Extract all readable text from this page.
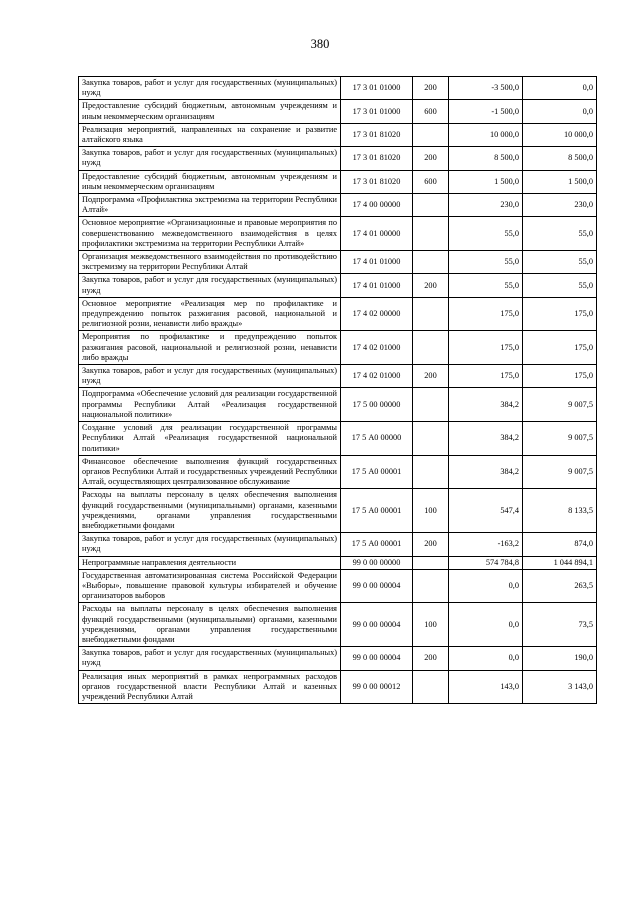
380
Закупка товаров, работ и услуг для государственных (муниципальных) нужд	17 3 01 01000	200	-3 500,0	0,0
Предоставление субсидий бюджетным, автономным учреждениям и иным некоммерческим организациям	17 3 01 01000	600	-1 500,0	0,0
Реализация мероприятий, направленных на сохранение и развитие алтайского языка	17 3 01 81020		10 000,0	10 000,0
Закупка товаров, работ и услуг для государственных (муниципальных) нужд	17 3 01 81020	200	8 500,0	8 500,0
Предоставление субсидий бюджетным, автономным учреждениям и иным некоммерческим организациям	17 3 01 81020	600	1 500,0	1 500,0
Подпрограмма «Профилактика экстремизма на территории Республики Алтай»	17 4 00 00000		230,0	230,0
Основное мероприятие «Организационные и правовые мероприятия по совершенствованию межведомственного взаимодействия в целях профилактики экстремизма на территории Республики Алтай»	17 4 01 00000		55,0	55,0
Организация межведомственного взаимодействия по противодействию экстремизму на территории Республики Алтай	17 4 01 01000		55,0	55,0
Закупка товаров, работ и услуг для государственных (муниципальных) нужд	17 4 01 01000	200	55,0	55,0
Основное мероприятие «Реализация мер по профилактике и предупреждению попыток разжигания расовой, национальной и религиозной розни, ненависти либо вражды»	17 4 02 00000		175,0	175,0
Мероприятия по профилактике и предупреждению попыток разжигания расовой, национальной и религиозной розни, ненависти либо вражды	17 4 02 01000		175,0	175,0
Закупка товаров, работ и услуг для государственных (муниципальных) нужд	17 4 02 01000	200	175,0	175,0
Подпрограмма «Обеспечение условий для реализации государственной программы Республики Алтай «Реализация государственной национальной политики»	17 5 00 00000		384,2	9 007,5
Создание условий для реализации государственной программы Республики Алтай «Реализация государственной национальной политики»	17 5 А0 00000		384,2	9 007,5
Финансовое обеспечение выполнения функций государственных органов Республики Алтай и государственных учреждений Республики Алтай, осуществляющих централизованное обслуживание	17 5 А0 00001		384,2	9 007,5
Расходы на выплаты персоналу в целях обеспечения выполнения функций государственными (муниципальными) органами, казенными учреждениями, органами управления государственными внебюджетными фондами	17 5 А0 00001	100	547,4	8 133,5
Закупка товаров, работ и услуг для государственных (муниципальных) нужд	17 5 А0 00001	200	-163,2	874,0
Непрограммные направления деятельности	99 0 00 00000		574 784,8	1 044 894,1
Государственная автоматизированная система Российской Федерации «Выборы», повышение правовой культуры избирателей и обучение организаторов выборов	99 0 00 00004		0,0	263,5
Расходы на выплаты персоналу в целях обеспечения выполнения функций государственными (муниципальными) органами, казенными учреждениями, органами управления государственными внебюджетными фондами	99 0 00 00004	100	0,0	73,5
Закупка товаров, работ и услуг для государственных (муниципальных) нужд	99 0 00 00004	200	0,0	190,0
Реализация иных мероприятий в рамках непрограммных расходов органов государственной власти Республики Алтай и казенных учреждений Республики Алтай	99 0 00 00012		143,0	3 143,0
